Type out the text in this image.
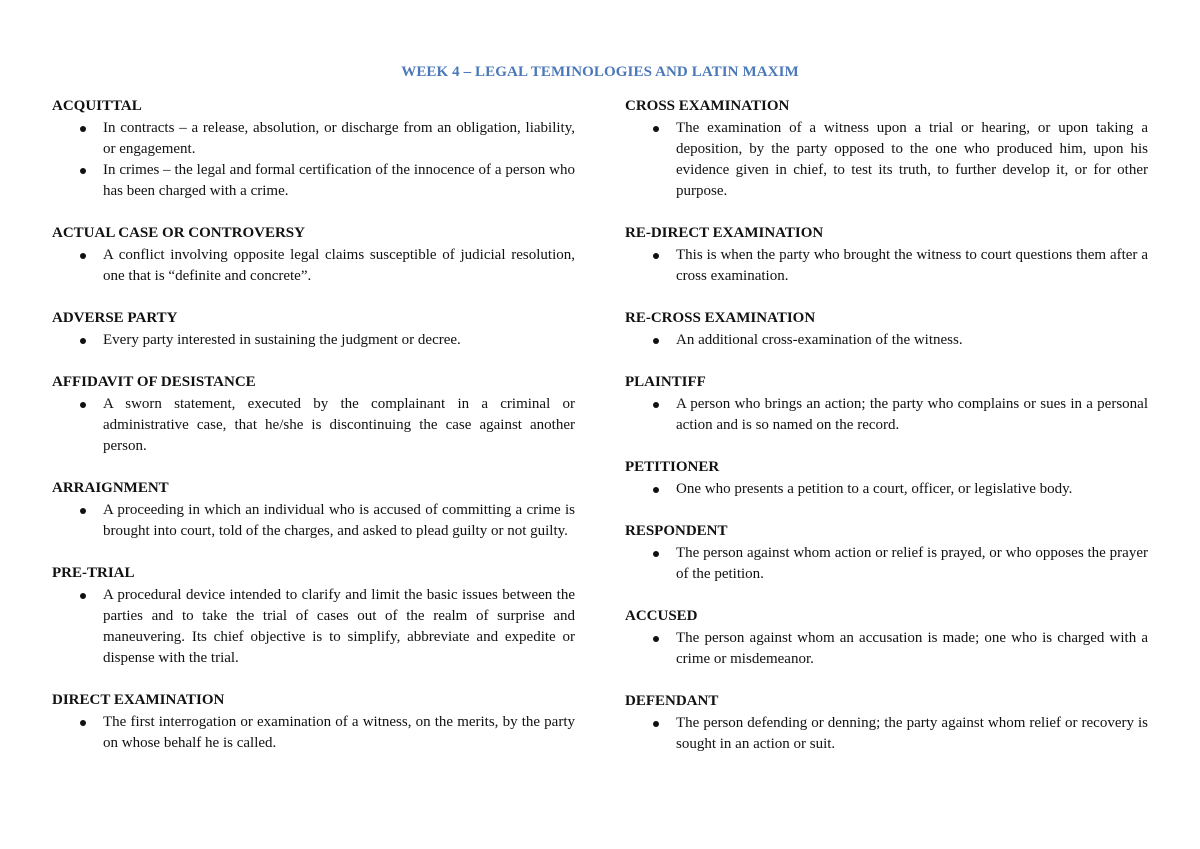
WEEK 4 – LEGAL TEMINOLOGIES AND LATIN MAXIM
ACQUITTAL
In contracts – a release, absolution, or discharge from an obligation, liability, or engagement.
In crimes – the legal and formal certification of the innocence of a person who has been charged with a crime.
ACTUAL CASE OR CONTROVERSY
A conflict involving opposite legal claims susceptible of judicial resolution, one that is “definite and concrete”.
ADVERSE PARTY
Every party interested in sustaining the judgment or decree.
AFFIDAVIT OF DESISTANCE
A sworn statement, executed by the complainant in a criminal or administrative case, that he/she is discontinuing the case against another person.
ARRAIGNMENT
A proceeding in which an individual who is accused of committing a crime is brought into court, told of the charges, and asked to plead guilty or not guilty.
PRE-TRIAL
A procedural device intended to clarify and limit the basic issues between the parties and to take the trial of cases out of the realm of surprise and maneuvering. Its chief objective is to simplify, abbreviate and expedite or dispense with the trial.
DIRECT EXAMINATION
The first interrogation or examination of a witness, on the merits, by the party on whose behalf he is called.
CROSS EXAMINATION
The examination of a witness upon a trial or hearing, or upon taking a deposition, by the party opposed to the one who produced him, upon his evidence given in chief, to test its truth, to further develop it, or for other purpose.
RE-DIRECT EXAMINATION
This is when the party who brought the witness to court questions them after a cross examination.
RE-CROSS EXAMINATION
An additional cross-examination of the witness.
PLAINTIFF
A person who brings an action; the party who complains or sues in a personal action and is so named on the record.
PETITIONER
One who presents a petition to a court, officer, or legislative body.
RESPONDENT
The person against whom action or relief is prayed, or who opposes the prayer of the petition.
ACCUSED
The person against whom an accusation is made; one who is charged with a crime or misdemeanor.
DEFENDANT
The person defending or denning; the party against whom relief or recovery is sought in an action or suit.
